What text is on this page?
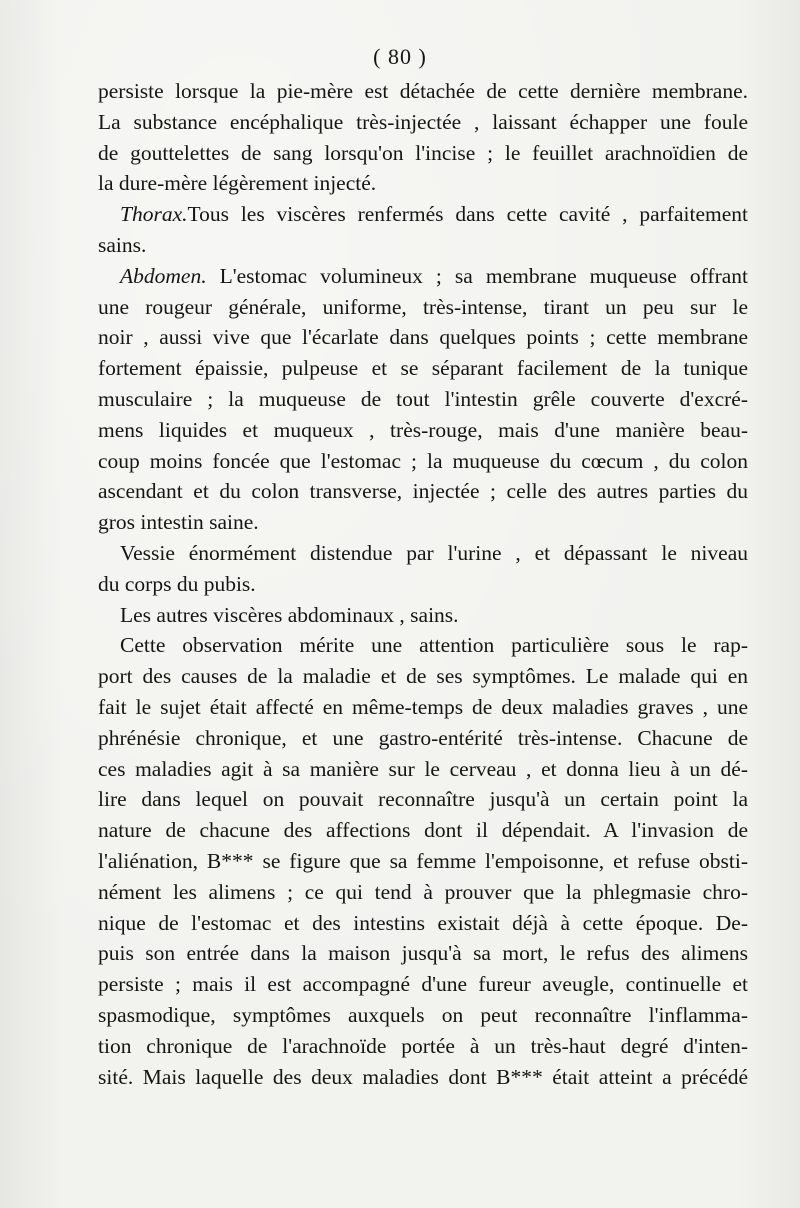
( 80 )
persiste lorsque la pie-mère est détachée de cette dernière membrane.
La substance encéphalique très-injectée , laissant échapper une foule
de gouttelettes de sang lorsqu'on l'incise ; le feuillet arachnoïdien de
la dure-mère légèrement injecté.
Thorax.Tous les viscères renfermés dans cette cavité , parfaitement
sains.
Abdomen. L'estomac volumineux ; sa membrane muqueuse offrant
une rougeur générale, uniforme, très-intense, tirant un peu sur le
noir , aussi vive que l'écarlate dans quelques points ; cette membrane
fortement épaissie, pulpeuse et se séparant facilement de la tunique
musculaire ; la muqueuse de tout l'intestin grêle couverte d'excré-
mens liquides et muqueux , très-rouge, mais d'une manière beau-
coup moins foncée que l'estomac ; la muqueuse du cœcum , du colon
ascendant et du colon transverse, injectée ; celle des autres parties du
gros intestin saine.
Vessie énormément distendue par l'urine , et dépassant le niveau
du corps du pubis.
Les autres viscères abdominaux , sains.
Cette observation mérite une attention particulière sous le rap-
port des causes de la maladie et de ses symptômes. Le malade qui en
fait le sujet était affecté en même-temps de deux maladies graves , une
phrénésie chronique, et une gastro-entérité très-intense. Chacune de
ces maladies agit à sa manière sur le cerveau , et donna lieu à un dé-
lire dans lequel on pouvait reconnaître jusqu'à un certain point la
nature de chacune des affections dont il dépendait. A l'invasion de
l'aliénation, B*** se figure que sa femme l'empoisonne, et refuse obsti-
nément les alimens ; ce qui tend à prouver que la phlegmasie chro-
nique de l'estomac et des intestins existait déjà à cette époque. De-
puis son entrée dans la maison jusqu'à sa mort, le refus des alimens
persiste ; mais il est accompagné d'une fureur aveugle, continuelle et
spasmodique, symptômes auxquels on peut reconnaître l'inflamma-
tion chronique de l'arachnoïde portée à un très-haut degré d'inten-
sité. Mais laquelle des deux maladies dont B*** était atteint a précédé
